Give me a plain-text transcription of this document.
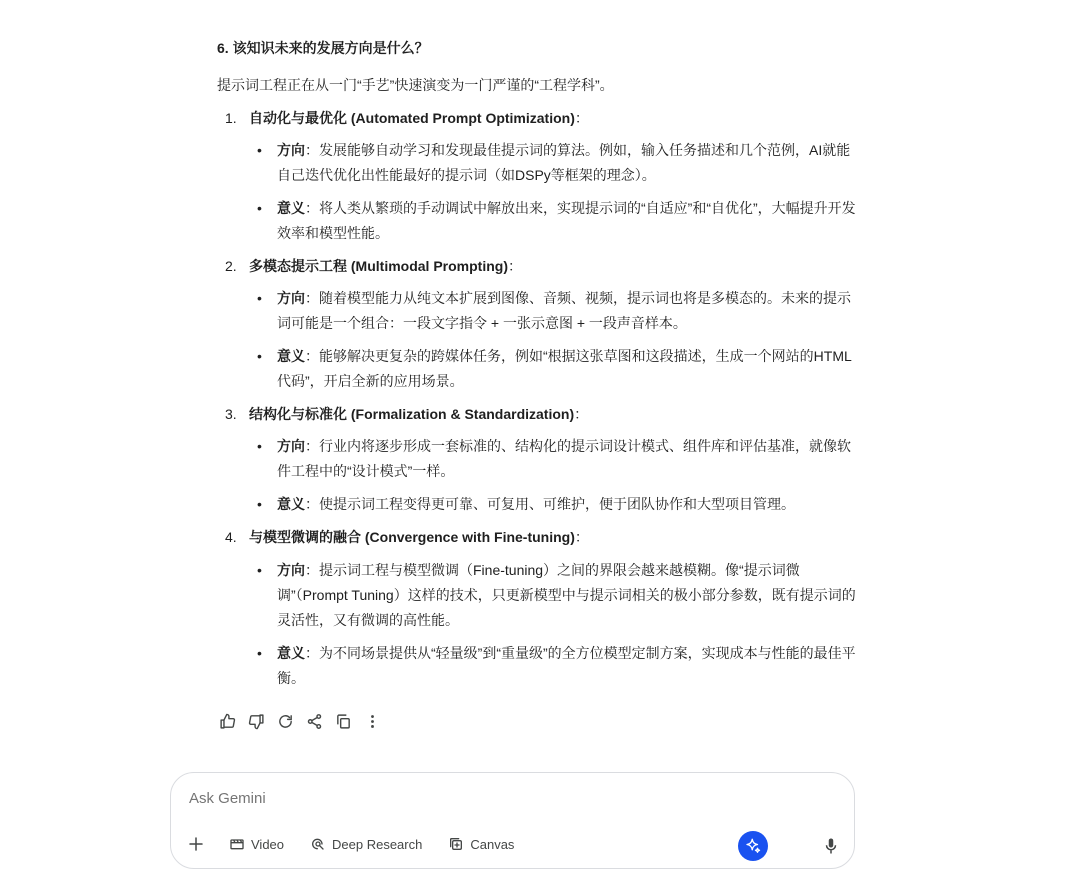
6. 该知识未来的发展方向是什么？
提示词工程正在从一门“手艺”快速演变为一门严谨的“工程学科”。
1. 自动化与最优化 (Automated Prompt Optimization)：
• 方向：发展能够自动学习和发现最佳提示词的算法。例如，输入任务描述和几个范例，AI就能自己迭代优化出性能最好的提示词（如DSPy等框架的理念）。
• 意义：将人类从繁琐的手动调试中解放出来，实现提示词的“自适应”和“自优化”，大幅提升开发效率和模型性能。
2. 多模态提示工程 (Multimodal Prompting)：
• 方向：随着模型能力从纯文本扩展到图像、音频、视频，提示词也将是多模态的。未来的提示词可能是一个组合：一段文字指令 + 一张示意图 + 一段声音样本。
• 意义：能够解决更复杂的跨媒体任务，例如“根据这张草图和这段描述，生成一个网站的HTML代码”，开启全新的应用场景。
3. 结构化与标准化 (Formalization & Standardization)：
• 方向：行业内将逐步形成一套标准的、结构化的提示词设计模式、组件库和评估基准，就像软件工程中的“设计模式”一样。
• 意义：使提示词工程变得更可靠、可复用、可维护，便于团队协作和大型项目管理。
4. 与模型微调的融合 (Convergence with Fine-tuning)：
• 方向：提示词工程与模型微调（Fine-tuning）之间的界限会越来越模糊。像“提示词微调”（Prompt Tuning）这样的技术，只更新模型中与提示词相关的极小部分参数，既有提示词的灵活性，又有微调的高性能。
• 意义：为不同场景提供从“轻量级”到“重量级”的全方位模型定制方案，实现成本与性能的最佳平衡。
Ask Gemini
Video	Deep Research	Canvas
